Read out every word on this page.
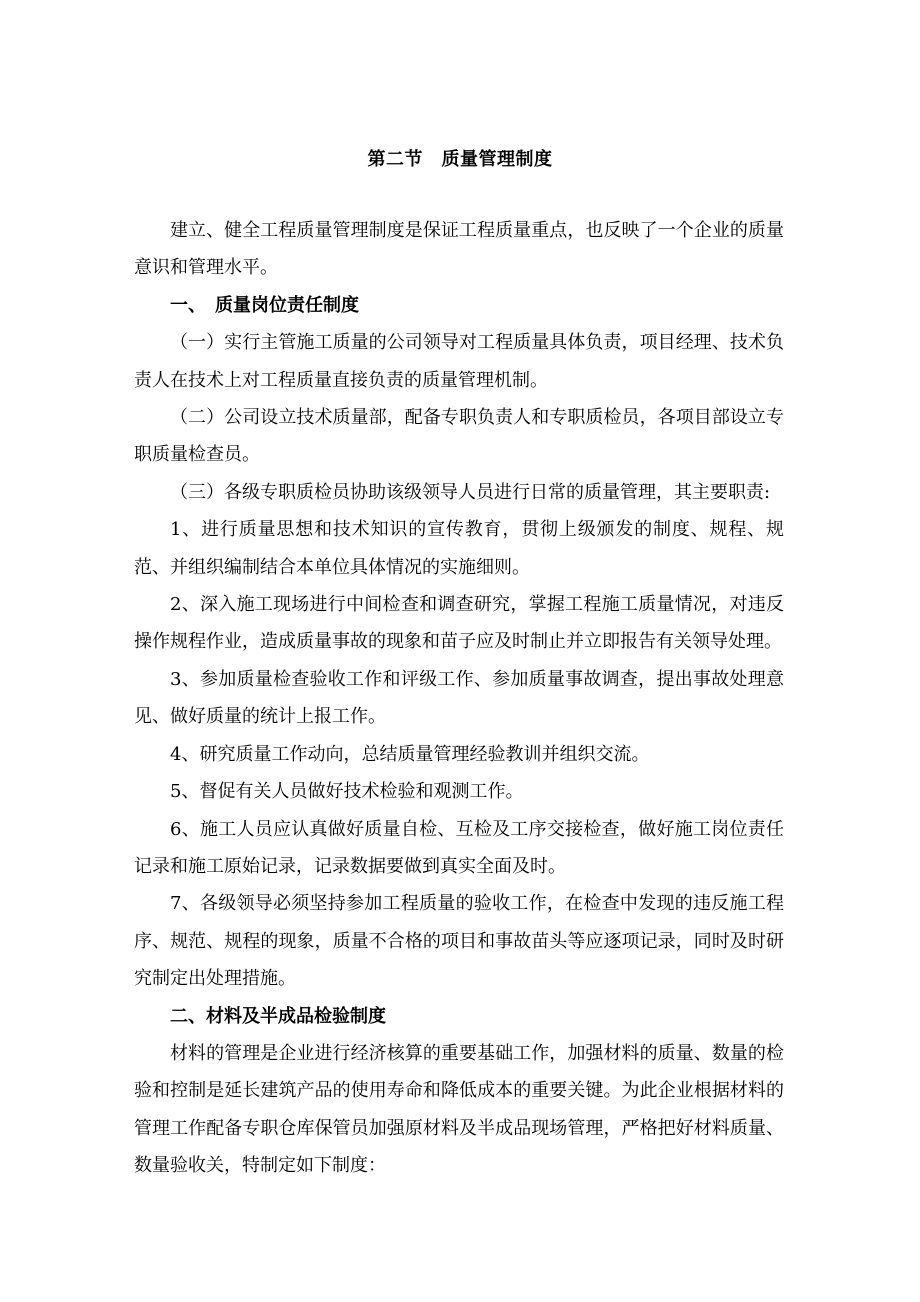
第二节　质量管理制度

建立、健全工程质量管理制度是保证工程质量重点，也反映了一个企业的质量意识和管理水平。

一、　质量岗位责任制度

（一）实行主管施工质量的公司领导对工程质量具体负责，项目经理、技术负责人在技术上对工程质量直接负责的质量管理机制。

（二）公司设立技术质量部，配备专职负责人和专职质检员，各项目部设立专职质量检查员。

（三）各级专职质检员协助该级领导人员进行日常的质量管理，其主要职责:

1、进行质量思想和技术知识的宣传教育，贯彻上级颁发的制度、规程、规范、并组织编制结合本单位具体情况的实施细则。

2、深入施工现场进行中间检查和调查研究，掌握工程施工质量情况，对违反操作规程作业，造成质量事故的现象和苗子应及时制止并立即报告有关领导处理。

3、参加质量检查验收工作和评级工作、参加质量事故调查，提出事故处理意见、做好质量的统计上报工作。

4、研究质量工作动向，总结质量管理经验教训并组织交流。

5、督促有关人员做好技术检验和观测工作。

6、施工人员应认真做好质量自检、互检及工序交接检查，做好施工岗位责任记录和施工原始记录，记录数据要做到真实全面及时。

7、各级领导必须坚持参加工程质量的验收工作，在检查中发现的违反施工程序、规范、规程的现象，质量不合格的项目和事故苗头等应逐项记录，同时及时研究制定出处理措施。

二、材料及半成品检验制度

材料的管理是企业进行经济核算的重要基础工作，加强材料的质量、数量的检验和控制是延长建筑产品的使用寿命和降低成本的重要关键。为此企业根据材料的管理工作配备专职仓库保管员加强原材料及半成品现场管理，严格把好材料质量、数量验收关，特制定如下制度：
